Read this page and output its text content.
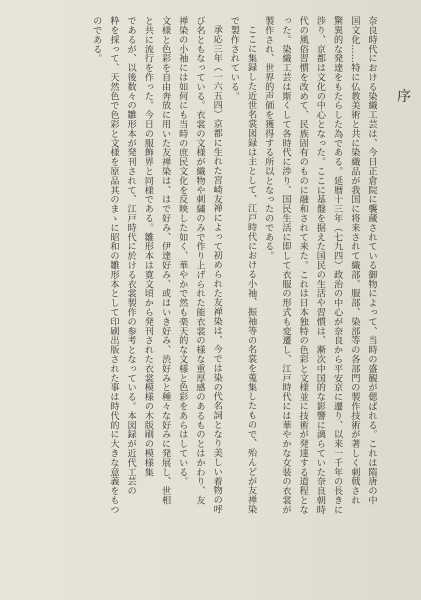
序

奈良時代における染織工芸は、今日正倉院に襲蔵されている御物によって、当時の盛観が偲ばれる。これは隋唐の中

国文化……特に仏教美術と共に染織品が我国に将来されて織部、服部、染部等の各部門の製作技術が著しく刺戟され

驚異的な発達をもたらした為である。延暦十三年（七九四）政治の中心が奈良から平安京に遷り、以来一千年の長きに

渉り、京都は文化の中心となった。ここに基盤を据えた国民の生活や習慣は、漸次中国的な影響に漓らていた奈良朝時

代の風俗習慣を改めて、民族固有のものに融和されて来た。これは日本独特の色彩と文様並に技術が発達する道程とな

った。染織工芸は斯くして各時代に渉り、国民生活に即して衣服の形式も変遷し、江戸時代には華やかな女装の衣裳が

製作され、世界的声価を獲得する所以となったのである。

ここに集録した近世名裳図録は主として、江戸時代における小袖、振袖等の名裳を蒐集したもので、殆んどが友禅染

で製作されている。

承応三年（一六五四）京都に生れた宮崎友禅によって初められた友禅染は、今では染の代名詞となり美しい着物の呼

び名ともなっている。衣裳の文様が織物や刺繍のみで作り上げられた能衣裳の様な重厚感のあるものとはかわり、友

禅染の小袖には如何にも当時の庶民文化を反映した如く、華やかで然も楽天的な文様と色彩をあらはしている。

文様と色彩を自由奔放に用いた友禅染は、はで好み、伊達好み、或はいき好み、渋好みと種々な好みに発展し、世相

と共に流行を作った。今日の服飾界と同様である。雛形本は寛文頃から発刊された衣裳模様の木版刷の模様集

であるが、以後数々の雛形本が発刊されて、江戸時代に於ける衣裳製作の参考となっている。本図録が近代工芸の

粋を採って、天然色で色彩と文様を原品其のまゝに昭和の雛形本として印刷出版された事は時代的に大きな意義をもつ

のである。
